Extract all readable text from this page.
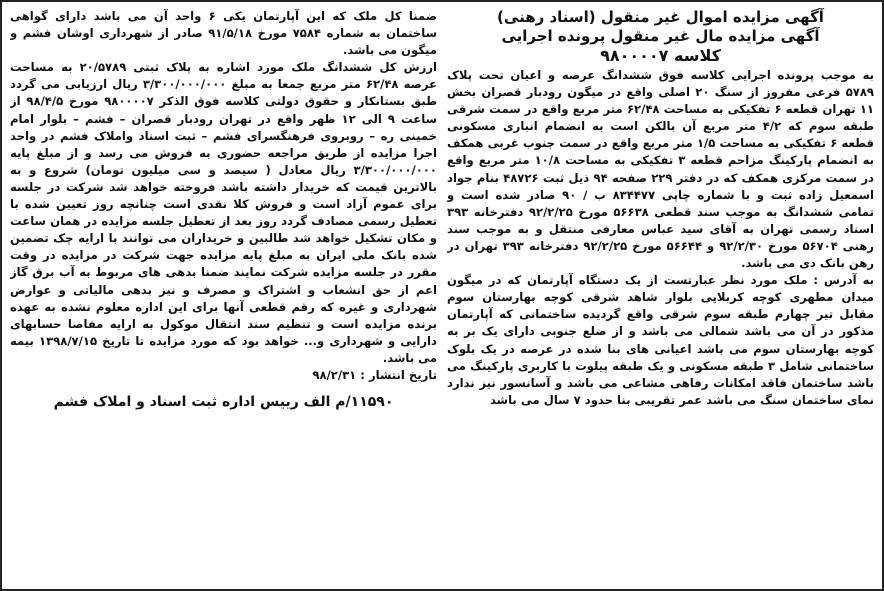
آگهی مزایده اموال غیر منقول (اسناد رهنی)
آگهی مزایده مال غیر منقول پرونده اجرایی
کلاسه ۹۸۰۰۰۰۷

به موجب پرونده اجرایی کلاسه فوق ششدانگ عرصه و اعیان تحت پلاک ۵۷۸۹ فرعی مفروز از سنگ ۲۰ اصلی واقع در میگون رودبار قصران بخش ۱۱ تهران قطعه ۶ تفکیکی به مساحت ۶۲/۴۸ متر مربع واقع در سمت شرقی طبقه سوم که ۴/۲ متر مربع آن بالکن است به انضمام انباری مسکونی قطعه ۶ تفکیکی به مساحت ۱/۵ متر مربع واقع در سمت جنوب غربی همکف به انضمام پارکینگ مزاحم قطعه ۳ تفکیکی به مساحت ۱۰/۸ متر مربع واقع در سمت مرکزی همکف که در دفتر ۲۲۹ صفحه ۹۴ ذیل ثبت ۴۸۷۲۶ بنام جواد اسمعیل زاده ثبت و با شماره چاپی ۸۳۴۴۷۷ ب / ۹۰ صادر شده است و تمامی ششدانگ به موجب سند قطعی ۵۶۶۳۸ مورخ ۹۲/۲/۲۵ دفترخانه ۳۹۳ اسناد رسمی تهران به آقای سید عباس معارفی منتقل و به موجب سند رهنی ۵۶۷۰۴ مورخ ۹۲/۲/۳۰ و ۵۶۶۴۴ مورخ ۹۲/۲/۲۵ دفترخانه ۳۹۳ تهران در رهن بانک دی می باشد.

به آدرس : ملک مورد نظر عبارتست از یک دستگاه آپارتمان که در میگون میدان مطهری کوچه کربلایی بلوار شاهد شرقی کوچه بهارستان سوم مقابل تیر چهارم طبقه سوم شرقی واقع گردیده ساختمانی که آپارتمان مذکور در آن می باشد شمالی می باشد و از ضلع جنوبی دارای یک بر به کوچه بهارستان سوم می باشد اعیانی های بنا شده در عرصه در یک بلوک ساختمانی شامل ۳ طبقه مسکونی و یک طبقه پیلوت با کاربری پارکینگ می باشد ساختمان فاقد امکانات رفاهی مشاعی می باشد و آسانسور نیز ندارد نمای ساختمان سنگ می باشد عمر تقریبی بنا حدود ۷ سال می باشد

ضمنا کل ملک که این آپارتمان یکی ۶ واحد آن می باشد دارای گواهی ساختمان به شماره ۷۵۸۴ مورخ ۹۱/۵/۱۸ صادر از شهرداری اوشان فشم و میگون می باشد.

ارزش کل ششدانگ ملک مورد اشاره به پلاک ثبتی ۲۰/۵۷۸۹ به مساحت عرصه ۶۲/۴۸ متر مربع جمعا به مبلغ ۳/۳۰۰/۰۰۰/۰۰۰ ریال ارزیابی می گردد طبق بستانکار و حقوق دولتی کلاسه فوق الذکر ۹۸۰۰۰۰۷ مورخ ۹۸/۴/۵ از ساعت ۹ الی ۱۲ ظهر واقع در تهران رودبار قصران – فشم – بلوار امام خمینی ره – روبروی فرهنگسرای فشم – ثبت اسناد واملاک فشم در واحد اجرا مزایده از طریق مراجعه حضوری به فروش می رسد و از مبلغ پایه ۳/۳۰۰/۰۰۰/۰۰۰ ریال معادل ( سیصد و سی میلیون تومان) شروع و به بالاترین قیمت که خریدار داشته باشد فروخته خواهد شد شرکت در جلسه برای عموم آزاد است و فروش کلا نقدی است چنانچه روز تعیین شده با تعطیل رسمی مصادف گردد روز بعد از تعطیل جلسه مزایده در همان ساعت و مکان تشکیل خواهد شد طالبین و خریداران می توانند با ارایه چک تضمین شده بانک ملی ایران به مبلغ پایه مزایده جهت شرکت در مزایده در وقت مقرر در جلسه مزایده شرکت نمایند ضمنا بدهی های مربوط به آب برق گاز اعم از حق انشعاب و اشتراک و مصرف و نیز بدهی مالیاتی و عوارض شهرداری و غیره که رقم قطعی آنها برای این اداره معلوم نشده به عهده برنده مزایده است و تنظیم سند انتقال موکول به ارایه مفاصا حسابهای دارایی و شهرداری و... خواهد بود که مورد مزایده تا تاریخ ۱۳۹۸/۷/۱۵ بیمه می باشد.

تاریخ انتشار : ۹۸/۲/۳۱

۱۱۵۹۰/م الف رییس اداره ثبت اسناد و املاک فشم
